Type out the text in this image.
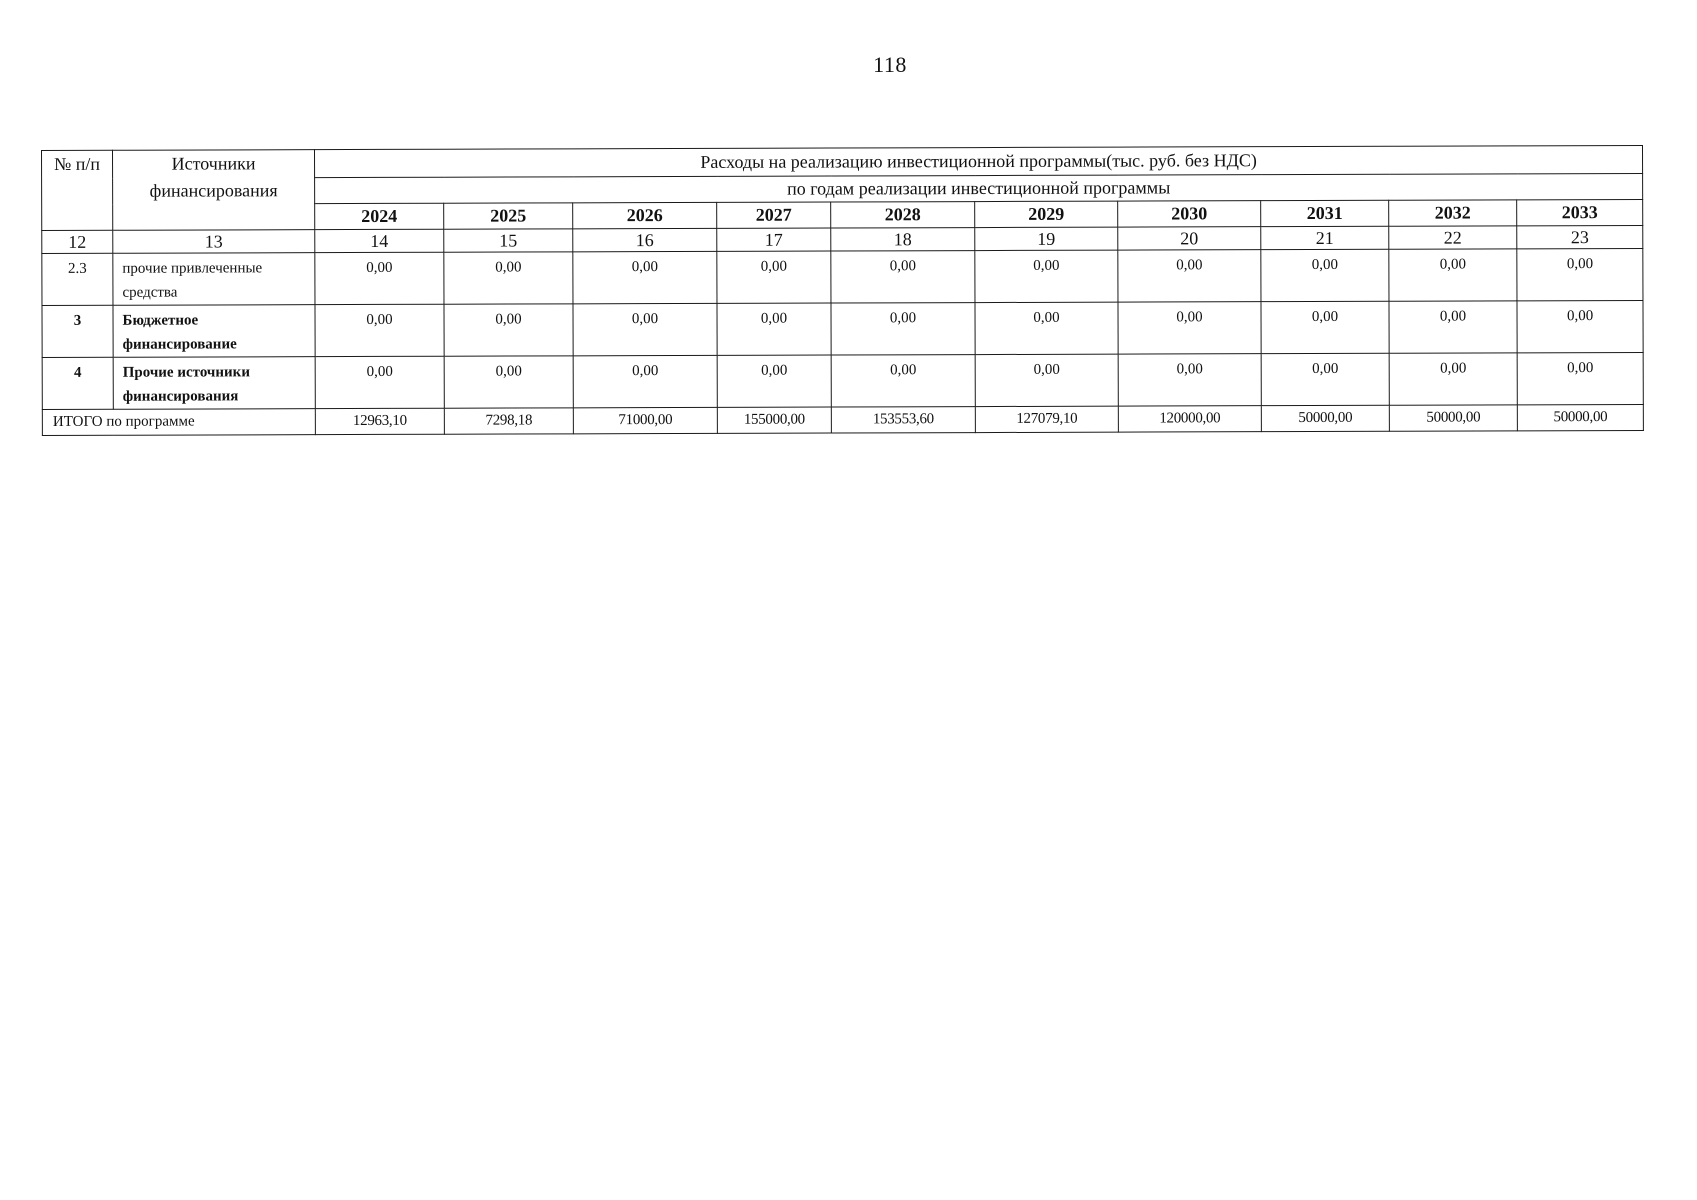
118
№ п/п	Источники финансирования	Расходы на реализацию инвестиционной программы(тыс. руб. без НДС)									
		по годам реализации инвестиционной программы									
		2024	2025	2026	2027	2028	2029	2030	2031	2032	2033
12	13	14	15	16	17	18	19	20	21	22	23
2.3	прочие привлеченные средства	0,00	0,00	0,00	0,00	0,00	0,00	0,00	0,00	0,00	0,00
3	Бюджетное финансирование	0,00	0,00	0,00	0,00	0,00	0,00	0,00	0,00	0,00	0,00
4	Прочие источники финансирования	0,00	0,00	0,00	0,00	0,00	0,00	0,00	0,00	0,00	0,00
ИТОГО по программе		12963,10	7298,18	71000,00	155000,00	153553,60	127079,10	120000,00	50000,00	50000,00	50000,00
